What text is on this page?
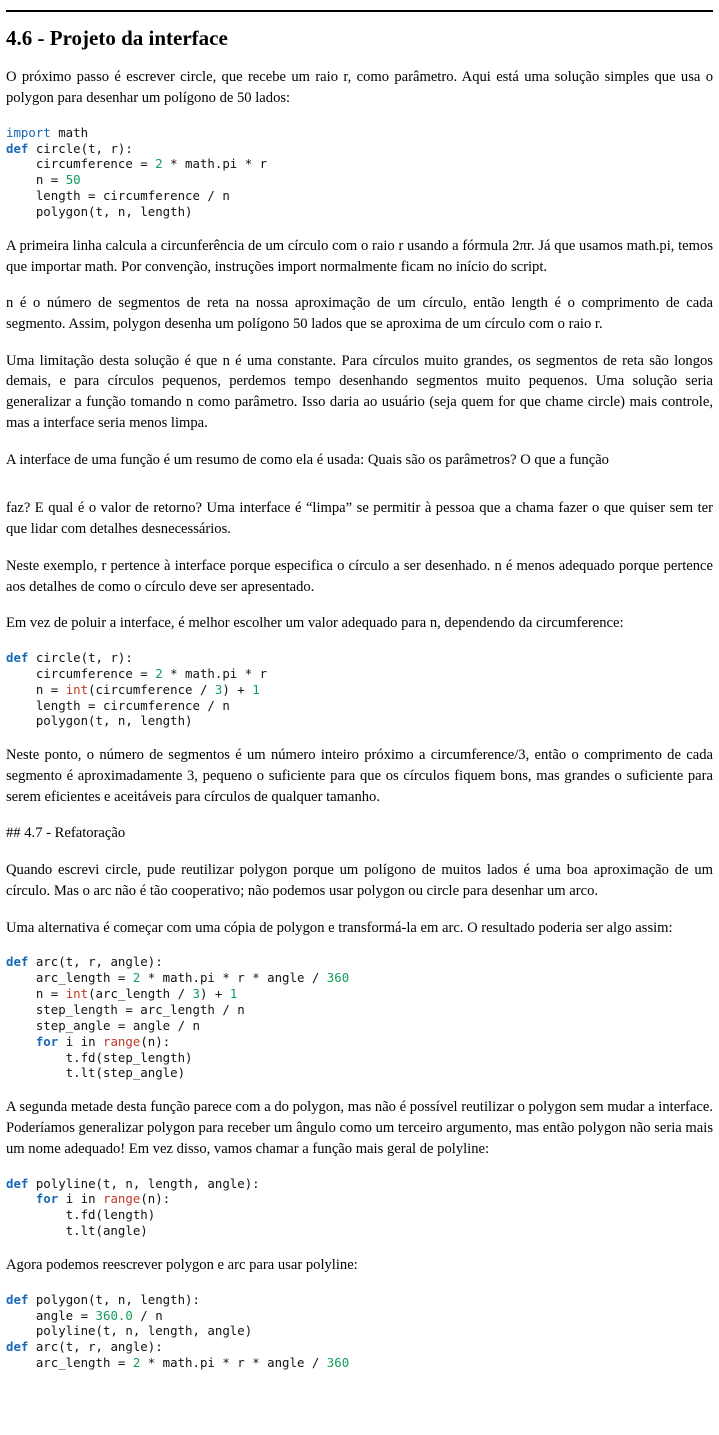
4.6 - Projeto da interface

O próximo passo é escrever circle, que recebe um raio r, como parâmetro. Aqui está uma solução simples que usa o polygon para desenhar um polígono de 50 lados:

import math
def circle(t, r):
circumference = 2 * math.pi * r
n = 50
length = circumference / n
polygon(t, n, length)

A primeira linha calcula a circunferência de um círculo com o raio r usando a fórmula 2πr. Já que usamos math.pi, temos que importar math. Por convenção, instruções import normalmente ficam no início do script.

n é o número de segmentos de reta na nossa aproximação de um círculo, então length é o comprimento de cada segmento. Assim, polygon desenha um polígono 50 lados que se aproxima de um círculo com o raio r.

Uma limitação desta solução é que n é uma constante. Para círculos muito grandes, os segmentos de reta são longos demais, e para círculos pequenos, perdemos tempo desenhando segmentos muito pequenos. Uma solução seria generalizar a função tomando n como parâmetro. Isso daria ao usuário (seja quem for que chame circle) mais controle, mas a interface seria menos limpa.

A interface de uma função é um resumo de como ela é usada: Quais são os parâmetros? O que a função

faz? E qual é o valor de retorno? Uma interface é “limpa” se permitir à pessoa que a chama fazer o que quiser sem ter que lidar com detalhes desnecessários.

Neste exemplo, r pertence à interface porque especifica o círculo a ser desenhado. n é menos adequado porque pertence aos detalhes de como o círculo deve ser apresentado.

Em vez de poluir a interface, é melhor escolher um valor adequado para n, dependendo da circumference:

def circle(t, r):
circumference = 2 * math.pi * r
n = int(circumference / 3) + 1
length = circumference / n
polygon(t, n, length)

Neste ponto, o número de segmentos é um número inteiro próximo a circumference/3, então o comprimento de cada segmento é aproximadamente 3, pequeno o suficiente para que os círculos fiquem bons, mas grandes o suficiente para serem eficientes e aceitáveis para círculos de qualquer tamanho.

## 4.7 - Refatoração

Quando escrevi circle, pude reutilizar polygon porque um polígono de muitos lados é uma boa aproximação de um círculo. Mas o arc não é tão cooperativo; não podemos usar polygon ou circle para desenhar um arco.

Uma alternativa é começar com uma cópia de polygon e transformá-la em arc. O resultado poderia ser algo assim:

def arc(t, r, angle):
arc_length = 2 * math.pi * r * angle / 360
n = int(arc_length / 3) + 1
step_length = arc_length / n
step_angle = angle / n
for i in range(n):
t.fd(step_length)
t.lt(step_angle)

A segunda metade desta função parece com a do polygon, mas não é possível reutilizar o polygon sem mudar a interface. Poderíamos generalizar polygon para receber um ângulo como um terceiro argumento, mas então polygon não seria mais um nome adequado! Em vez disso, vamos chamar a função mais geral de polyline:

def polyline(t, n, length, angle):
for i in range(n):
t.fd(length)
t.lt(angle)

Agora podemos reescrever polygon e arc para usar polyline:

def polygon(t, n, length):
angle = 360.0 / n
polyline(t, n, length, angle)
def arc(t, r, angle):
arc_length = 2 * math.pi * r * angle / 360
